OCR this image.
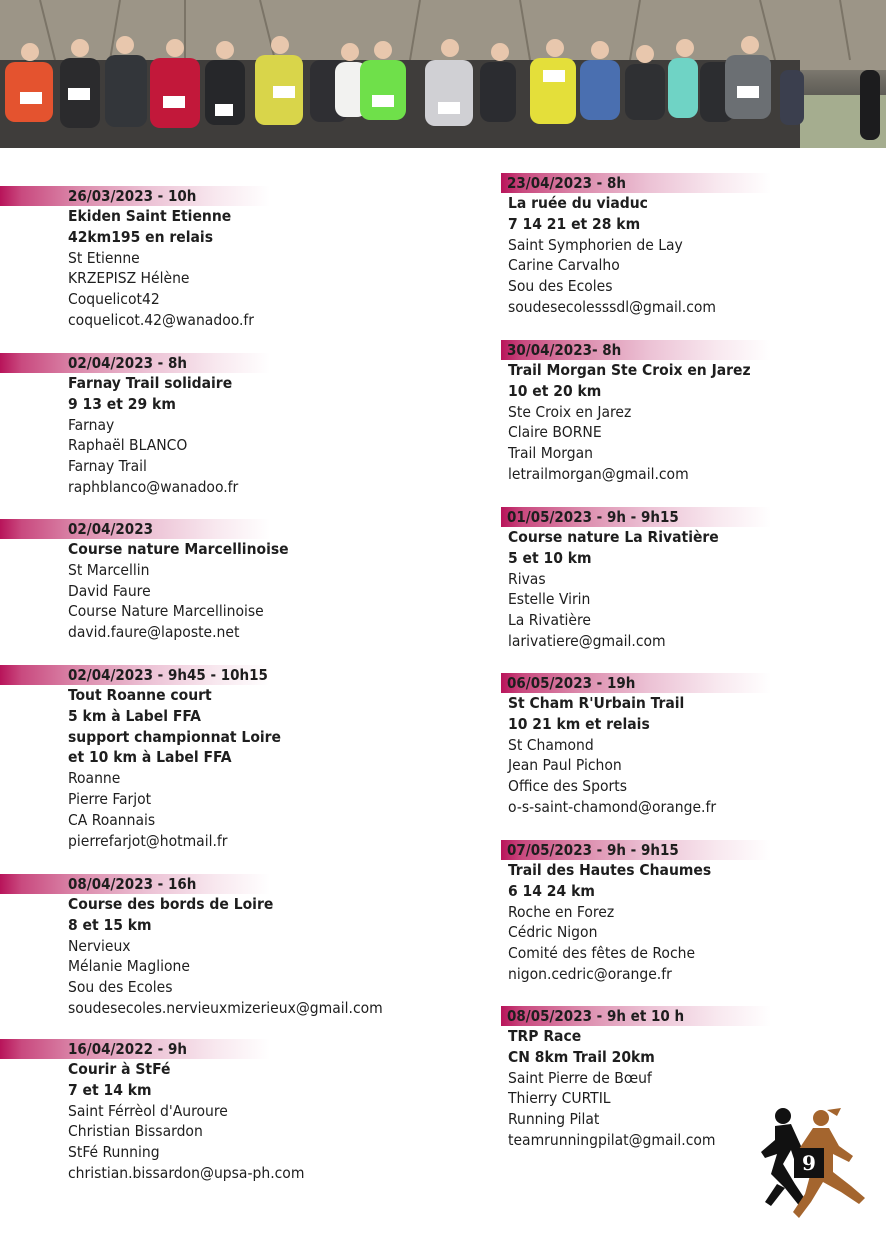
26/03/2023 - 10h
Ekiden Saint Etienne
42km195 en relais
St Etienne
KRZEPISZ Hélène
Coquelicot42
coquelicot.42@wanadoo.fr
02/04/2023 - 8h
Farnay Trail solidaire
9 13 et 29 km
Farnay
Raphaël BLANCO
Farnay Trail
raphblanco@wanadoo.fr
02/04/2023
Course nature Marcellinoise
St Marcellin
David Faure
Course Nature Marcellinoise
david.faure@laposte.net
02/04/2023 - 9h45 - 10h15
Tout Roanne court
5 km à Label FFA
support championnat Loire
et 10 km à Label FFA
Roanne
Pierre Farjot
CA Roannais
pierrefarjot@hotmail.fr
08/04/2023 - 16h
Course des bords de Loire
8 et 15 km
Nervieux
Mélanie Maglione
Sou des Ecoles
soudesecoles.nervieuxmizerieux@gmail.com
16/04/2022 - 9h
Courir à StFé
7 et 14 km
Saint Férrèol d'Auroure
Christian Bissardon
StFé Running
christian.bissardon@upsa-ph.com
23/04/2023 - 8h
La ruée du viaduc
7 14 21 et 28 km
Saint Symphorien de Lay
Carine Carvalho
Sou des Ecoles
soudesecolesssdl@gmail.com
30/04/2023- 8h
Trail Morgan Ste Croix en Jarez
10 et 20 km
Ste Croix en Jarez
Claire BORNE
Trail Morgan
letrailmorgan@gmail.com
01/05/2023 - 9h - 9h15
Course nature La Rivatière
5 et 10 km
Rivas
Estelle Virin
La Rivatière
larivatiere@gmail.com
06/05/2023 - 19h
St Cham R'Urbain Trail
10 21 km et relais
St Chamond
Jean Paul Pichon
Office des Sports
o-s-saint-chamond@orange.fr
07/05/2023 - 9h - 9h15
Trail des Hautes Chaumes
6 14 24 km
Roche en Forez
Cédric Nigon
Comité des fêtes de Roche
nigon.cedric@orange.fr
08/05/2023 - 9h et 10 h
TRP Race
CN 8km Trail 20km
Saint Pierre de Bœuf
Thierry CURTIL
Running Pilat
teamrunningpilat@gmail.com
9
